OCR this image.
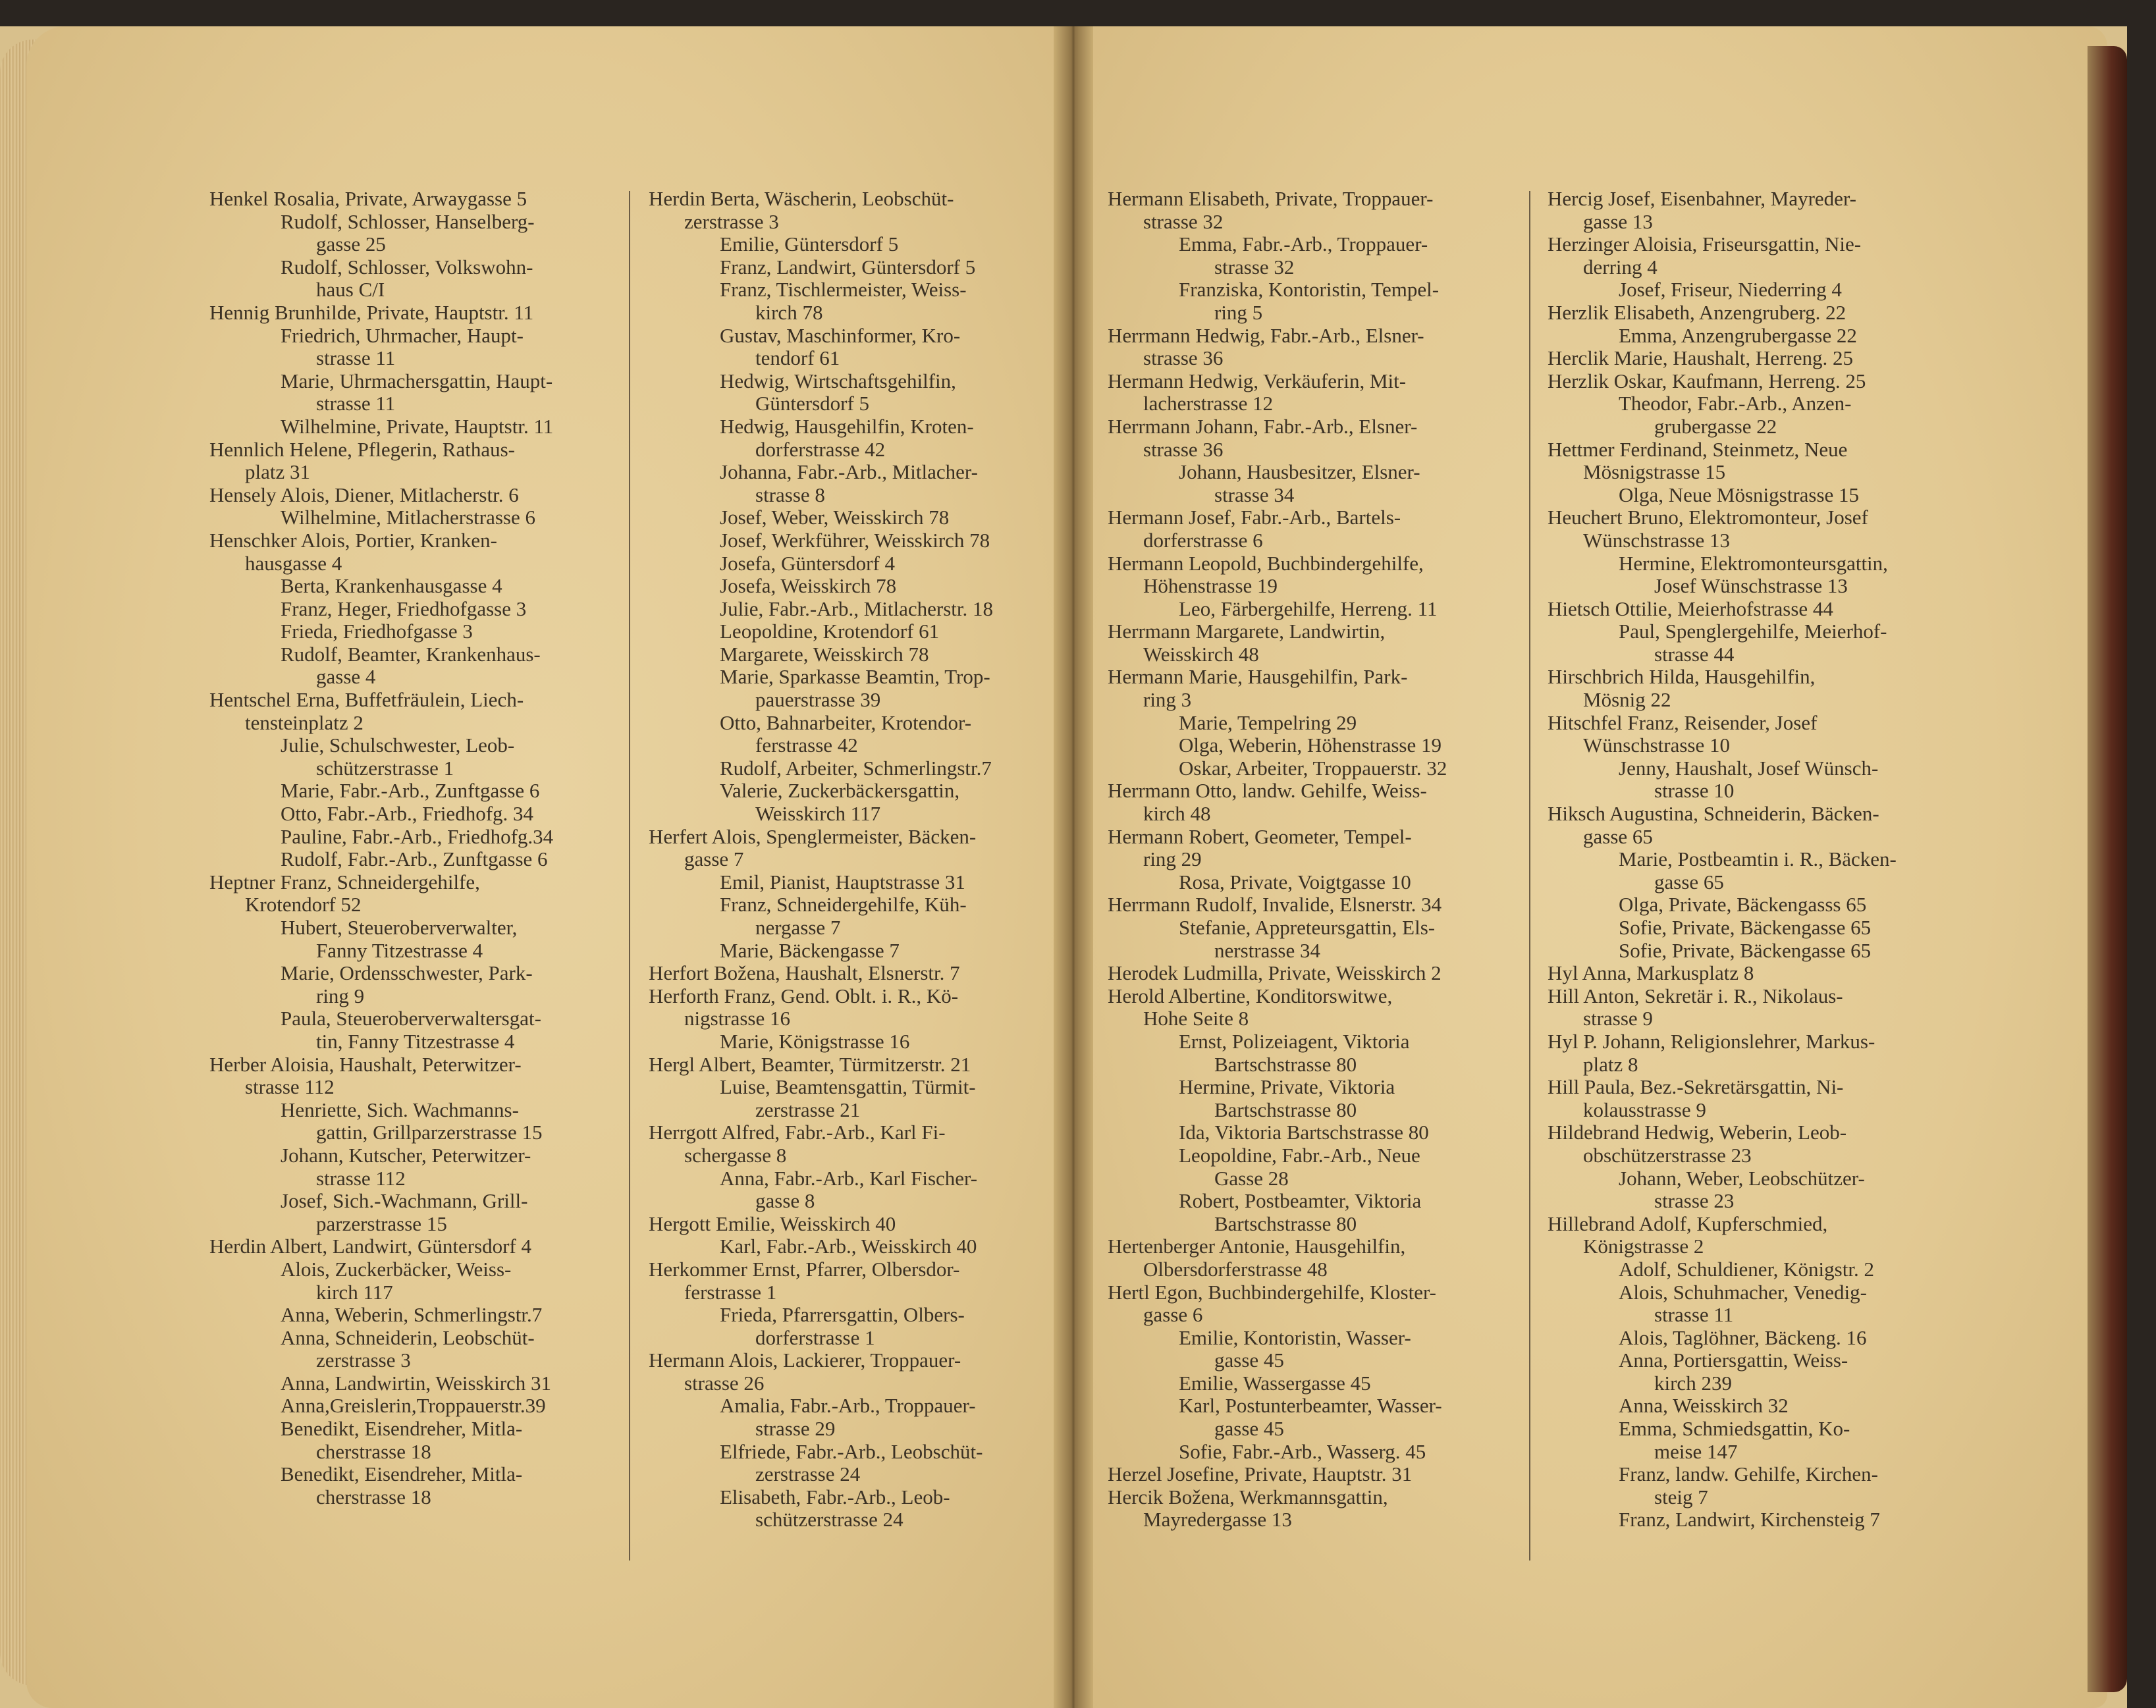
Henkel Rosalia, Private, Arwaygasse 5
Rudolf, Schlosser, Hanselberg-
gasse 25
Rudolf, Schlosser, Volkswohn-
haus C/I
Hennig Brunhilde, Private, Hauptstr. 11
Friedrich, Uhrmacher, Haupt-
strasse 11
Marie, Uhrmachersgattin, Haupt-
strasse 11
Wilhelmine, Private, Hauptstr. 11
Hennlich Helene, Pflegerin, Rathaus-
platz 31
Hensely Alois, Diener, Mitlacherstr. 6
Wilhelmine, Mitlacherstrasse 6
Henschker Alois, Portier, Kranken-
hausgasse 4
Berta, Krankenhausgasse 4
Franz, Heger, Friedhofgasse 3
Frieda, Friedhofgasse 3
Rudolf, Beamter, Krankenhaus-
gasse 4
Hentschel Erna, Buffetfräulein, Liech-
tensteinplatz 2
Julie, Schulschwester, Leob-
schützerstrasse 1
Marie, Fabr.-Arb., Zunftgasse 6
Otto, Fabr.-Arb., Friedhofg. 34
Pauline, Fabr.-Arb., Friedhofg.34
Rudolf, Fabr.-Arb., Zunftgasse 6
Heptner Franz, Schneidergehilfe,
Krotendorf 52
Hubert, Steueroberverwalter,
Fanny Titzestrasse 4
Marie, Ordensschwester, Park-
ring 9
Paula, Steueroberverwaltersgat-
tin, Fanny Titzestrasse 4
Herber Aloisia, Haushalt, Peterwitzer-
strasse 112
Henriette, Sich. Wachmanns-
gattin, Grillparzerstrasse 15
Johann, Kutscher, Peterwitzer-
strasse 112
Josef, Sich.-Wachmann, Grill-
parzerstrasse 15
Herdin Albert, Landwirt, Güntersdorf 4
Alois, Zuckerbäcker, Weiss-
kirch 117
Anna, Weberin, Schmerlingstr.7
Anna, Schneiderin, Leobschüt-
zerstrasse 3
Anna, Landwirtin, Weisskirch 31
Anna,Greislerin,Troppauerstr.39
Benedikt, Eisendreher, Mitla-
cherstrasse 18
Benedikt, Eisendreher, Mitla-
cherstrasse 18
Herdin Berta, Wäscherin, Leobschüt-
zerstrasse 3
Emilie, Güntersdorf 5
Franz, Landwirt, Güntersdorf 5
Franz, Tischlermeister, Weiss-
kirch 78
Gustav, Maschinformer, Kro-
tendorf 61
Hedwig, Wirtschaftsgehilfin,
Güntersdorf 5
Hedwig, Hausgehilfin, Kroten-
dorferstrasse 42
Johanna, Fabr.-Arb., Mitlacher-
strasse 8
Josef, Weber, Weisskirch 78
Josef, Werkführer, Weisskirch 78
Josefa, Güntersdorf 4
Josefa, Weisskirch 78
Julie, Fabr.-Arb., Mitlacherstr. 18
Leopoldine, Krotendorf 61
Margarete, Weisskirch 78
Marie, Sparkasse Beamtin, Trop-
pauerstrasse 39
Otto, Bahnarbeiter, Krotendor-
ferstrasse 42
Rudolf, Arbeiter, Schmerlingstr.7
Valerie, Zuckerbäckersgattin,
Weisskirch 117
Herfert Alois, Spenglermeister, Bäcken-
gasse 7
Emil, Pianist, Hauptstrasse 31
Franz, Schneidergehilfe, Küh-
nergasse 7
Marie, Bäckengasse 7
Herfort Božena, Haushalt, Elsnerstr. 7
Herforth Franz, Gend. Oblt. i. R., Kö-
nigstrasse 16
Marie, Königstrasse 16
Hergl Albert, Beamter, Türmitzerstr. 21
Luise, Beamtensgattin, Türmit-
zerstrasse 21
Herrgott Alfred, Fabr.-Arb., Karl Fi-
schergasse 8
Anna, Fabr.-Arb., Karl Fischer-
gasse 8
Hergott Emilie, Weisskirch 40
Karl, Fabr.-Arb., Weisskirch 40
Herkommer Ernst, Pfarrer, Olbersdor-
ferstrasse 1
Frieda, Pfarrersgattin, Olbers-
dorferstrasse 1
Hermann Alois, Lackierer, Troppauer-
strasse 26
Amalia, Fabr.-Arb., Troppauer-
strasse 29
Elfriede, Fabr.-Arb., Leobschüt-
zerstrasse 24
Elisabeth, Fabr.-Arb., Leob-
schützerstrasse 24
Hermann Elisabeth, Private, Troppauer-
strasse 32
Emma, Fabr.-Arb., Troppauer-
strasse 32
Franziska, Kontoristin, Tempel-
ring 5
Herrmann Hedwig, Fabr.-Arb., Elsner-
strasse 36
Hermann Hedwig, Verkäuferin, Mit-
lacherstrasse 12
Herrmann Johann, Fabr.-Arb., Elsner-
strasse 36
Johann, Hausbesitzer, Elsner-
strasse 34
Hermann Josef, Fabr.-Arb., Bartels-
dorferstrasse 6
Hermann Leopold, Buchbindergehilfe,
Höhenstrasse 19
Leo, Färbergehilfe, Herreng. 11
Herrmann Margarete, Landwirtin,
Weisskirch 48
Hermann Marie, Hausgehilfin, Park-
ring 3
Marie, Tempelring 29
Olga, Weberin, Höhenstrasse 19
Oskar, Arbeiter, Troppauerstr. 32
Herrmann Otto, landw. Gehilfe, Weiss-
kirch 48
Hermann Robert, Geometer, Tempel-
ring 29
Rosa, Private, Voigtgasse 10
Herrmann Rudolf, Invalide, Elsnerstr. 34
Stefanie, Appreteursgattin, Els-
nerstrasse 34
Herodek Ludmilla, Private, Weisskirch 2
Herold Albertine, Konditorswitwe,
Hohe Seite 8
Ernst, Polizeiagent, Viktoria
Bartschstrasse 80
Hermine, Private, Viktoria
Bartschstrasse 80
Ida, Viktoria Bartschstrasse 80
Leopoldine, Fabr.-Arb., Neue
Gasse 28
Robert, Postbeamter, Viktoria
Bartschstrasse 80
Hertenberger Antonie, Hausgehilfin,
Olbersdorferstrasse 48
Hertl Egon, Buchbindergehilfe, Kloster-
gasse 6
Emilie, Kontoristin, Wasser-
gasse 45
Emilie, Wassergasse 45
Karl, Postunterbeamter, Wasser-
gasse 45
Sofie, Fabr.-Arb., Wasserg. 45
Herzel Josefine, Private, Hauptstr. 31
Hercik Božena, Werkmannsgattin,
Mayredergasse 13
Hercig Josef, Eisenbahner, Mayreder-
gasse 13
Herzinger Aloisia, Friseursgattin, Nie-
derring 4
Josef, Friseur, Niederring 4
Herzlik Elisabeth, Anzengruberg. 22
Emma, Anzengrubergasse 22
Herclik Marie, Haushalt, Herreng. 25
Herzlik Oskar, Kaufmann, Herreng. 25
Theodor, Fabr.-Arb., Anzen-
grubergasse 22
Hettmer Ferdinand, Steinmetz, Neue
Mösnigstrasse 15
Olga, Neue Mösnigstrasse 15
Heuchert Bruno, Elektromonteur, Josef
Wünschstrasse 13
Hermine, Elektromonteursgattin,
Josef Wünschstrasse 13
Hietsch Ottilie, Meierhofstrasse 44
Paul, Spenglergehilfe, Meierhof-
strasse 44
Hirschbrich Hilda, Hausgehilfin,
Mösnig 22
Hitschfel Franz, Reisender, Josef
Wünschstrasse 10
Jenny, Haushalt, Josef Wünsch-
strasse 10
Hiksch Augustina, Schneiderin, Bäcken-
gasse 65
Marie, Postbeamtin i. R., Bäcken-
gasse 65
Olga, Private, Bäckengasss 65
Sofie, Private, Bäckengasse 65
Sofie, Private, Bäckengasse 65
Hyl Anna, Markusplatz 8
Hill Anton, Sekretär i. R., Nikolaus-
strasse 9
Hyl P. Johann, Religionslehrer, Markus-
platz 8
Hill Paula, Bez.-Sekretärsgattin, Ni-
kolausstrasse 9
Hildebrand Hedwig, Weberin, Leob-
obschützerstrasse 23
Johann, Weber, Leobschützer-
strasse 23
Hillebrand Adolf, Kupferschmied,
Königstrasse 2
Adolf, Schuldiener, Königstr. 2
Alois, Schuhmacher, Venedig-
strasse 11
Alois, Taglöhner, Bäckeng. 16
Anna, Portiersgattin, Weiss-
kirch 239
Anna, Weisskirch 32
Emma, Schmiedsgattin, Ko-
meise 147
Franz, landw. Gehilfe, Kirchen-
steig 7
Franz, Landwirt, Kirchensteig 7
